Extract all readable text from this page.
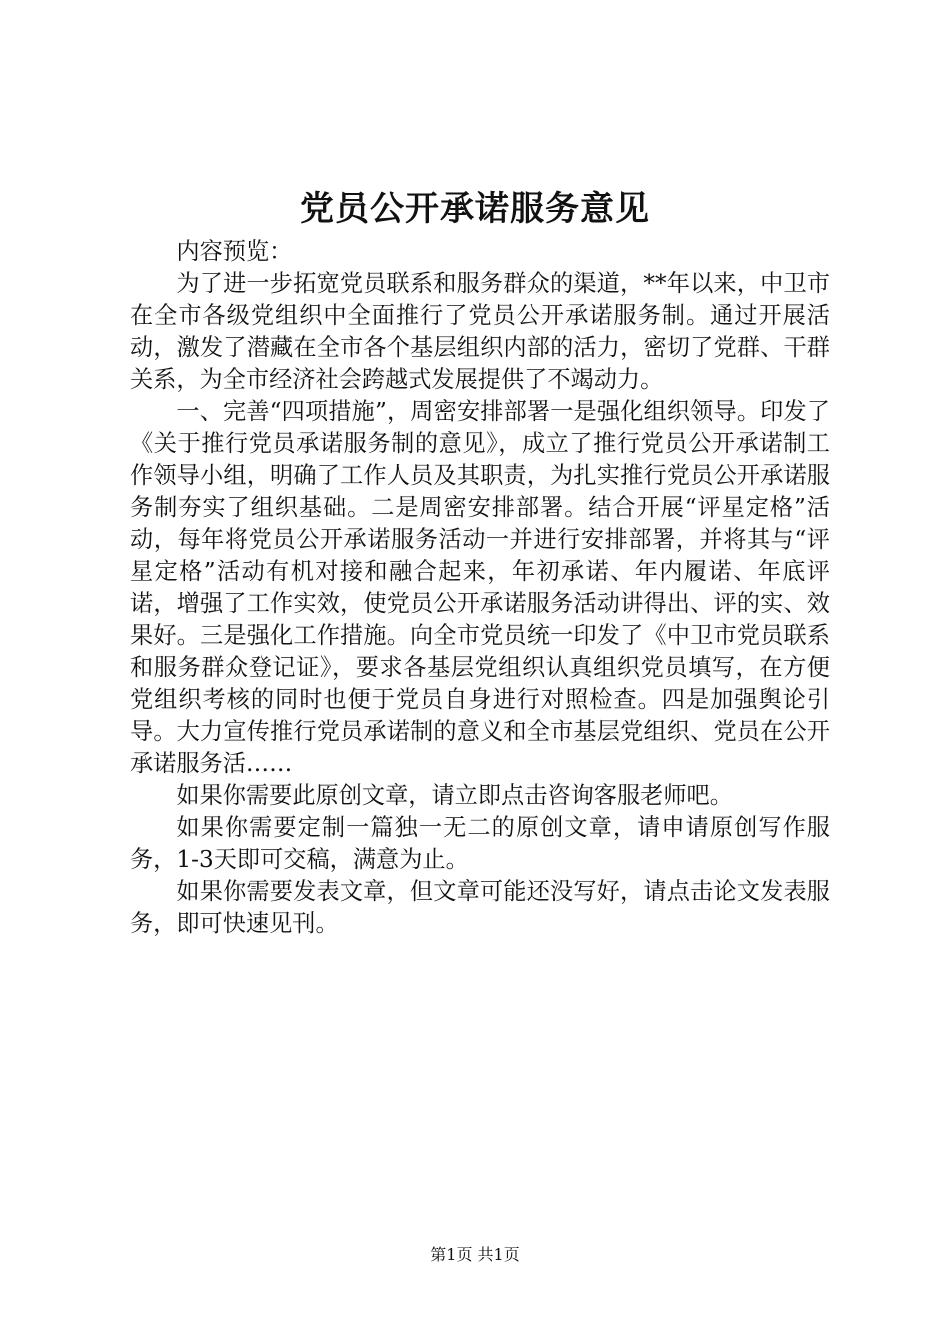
党员公开承诺服务意见

内容预览：

为了进一步拓宽党员联系和服务群众的渠道，**年以来，中卫市在全市各级党组织中全面推行了党员公开承诺服务制。通过开展活动，激发了潜藏在全市各个基层组织内部的活力，密切了党群、干群关系，为全市经济社会跨越式发展提供了不竭动力。

一、完善“四项措施”，周密安排部署一是强化组织领导。印发了《关于推行党员承诺服务制的意见》，成立了推行党员公开承诺制工作领导小组，明确了工作人员及其职责，为扎实推行党员公开承诺服务制夯实了组织基础。二是周密安排部署。结合开展“评星定格”活动，每年将党员公开承诺服务活动一并进行安排部署，并将其与“评星定格”活动有机对接和融合起来，年初承诺、年内履诺、年底评诺，增强了工作实效，使党员公开承诺服务活动讲得出、评的实、效果好。三是强化工作措施。向全市党员统一印发了《中卫市党员联系和服务群众登记证》，要求各基层党组织认真组织党员填写，在方便党组织考核的同时也便于党员自身进行对照检查。四是加强舆论引导。大力宣传推行党员承诺制的意义和全市基层党组织、党员在公开承诺服务活……

如果你需要此原创文章，请立即点击咨询客服老师吧。

如果你需要定制一篇独一无二的原创文章，请申请原创写作服务，1-3天即可交稿，满意为止。

如果你需要发表文章，但文章可能还没写好，请点击论文发表服务，即可快速见刊。

第1页 共1页
